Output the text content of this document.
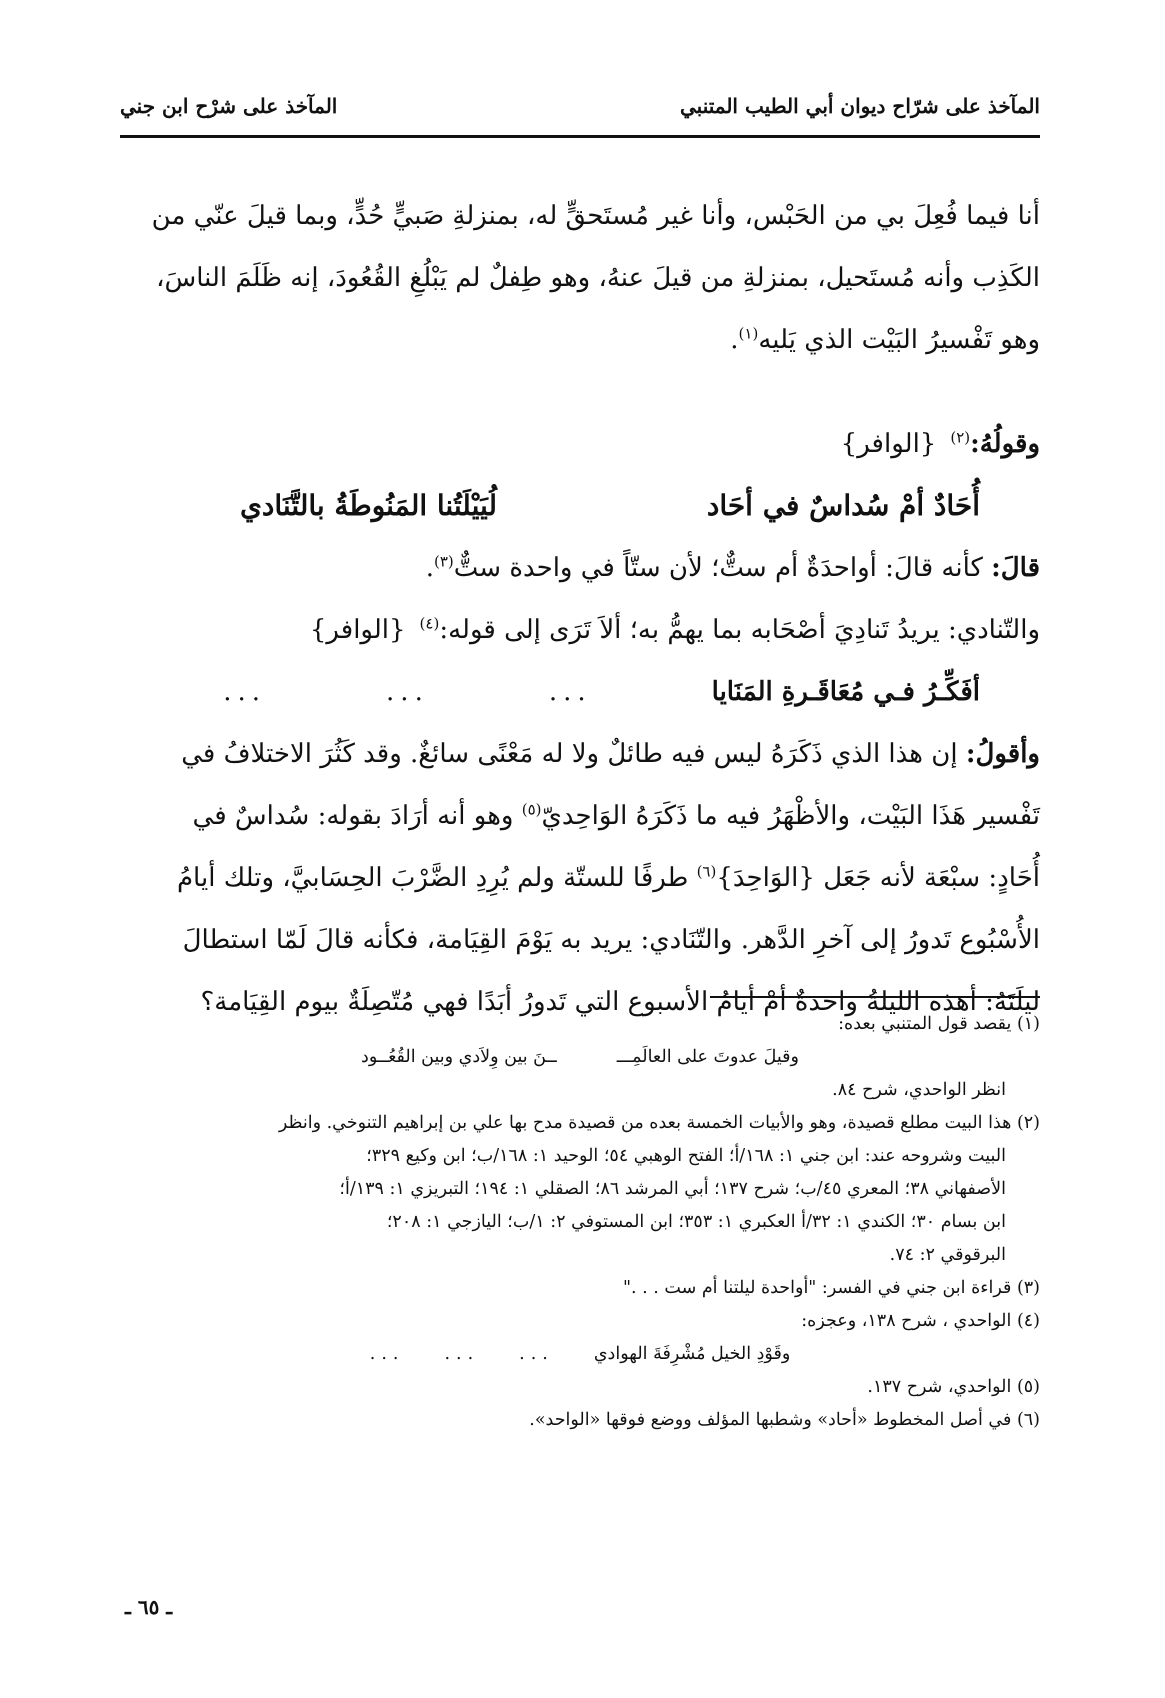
المآخذ على شرّاح ديوان أبي الطيب المتنبي
المآخذ على شرْح ابن جني

أنا فيما فُعِلَ بي من الحَبْس، وأنا غير مُستَحقٍّ له، بمنزلةِ صَبيٍّ حُدٍّ، وبما قيلَ عنّي من

الكَذِب وأنه مُستَحيل، بمنزلةِ من قيلَ عنهُ، وهو طِفلٌ لم يَبْلُغِ القُعُودَ، إنه ظَلَمَ الناسَ،

وهو تَفْسيرُ البَيْت الذي يَليه$^{(١)}$.

وقولُهُ:$^{(٢)}${الوافر}

أُحَادٌ أمْ سُداسٌ في أحَاد
لُيَيْلَتُنا المَنُوطَةُ بالتَّنَادي

قالَ: كأنه قالَ: أواحدَةٌ أم ستٌّ؛ لأن ستّاً في واحدة ستٌّ$^{(٣)}$.

والتّنادي: يريدُ تَنادِيَ أصْحَابه بما يهمُّ به؛ ألاَ تَرَى إلى قوله:$^{(٤)}${الوافر}

أفَكِّـرُ فـي مُعَاقَـرةِ المَنَايا
...
...
...

وأقولُ: إن هذا الذي ذَكَرَهُ ليس فيه طائلٌ ولا له مَعْنًى سائغٌ. وقد كَثُرَ الاختلافُ في

تَفْسير هَذَا البَيْت، والأظْهَرُ فيه ما ذَكَرَهُ الوَاحِديّ$^{(٥)}$ وهو أنه أرَادَ بقوله: سُداسٌ في

أُحَادٍ: سبْعَة لأنه جَعَل {الوَاحِدَ}$^{(٦)}$ طرفًا للستّة ولم يُرِدِ الضَّرْبَ الحِسَابيَّ، وتلك أيامُ

الأُسْبُوع تَدورُ إلى آخرِ الدَّهر. والتّنَادي: يريد به يَوْمَ القِيَامة، فكأنه قالَ لَمّا استطالَ

ليلَتَهُ: أهذه الليلةُ واحدةٌ أمْ أيامُ الأسبوع التي تَدورُ أبَدًا فهي مُتّصِلَةٌ بيوم القِيَامة؟

(١) يقصد قول المتنبي بعده:

وقيلَ عدوتَ على العالَمِـــ
ــنَ بين وِلاَدي وبين القُعُــود

انظر الواحدي، شرح ٨٤.

(٢) هذا البيت مطلع قصيدة، وهو والأبيات الخمسة بعده من قصيدة مدح بها علي بن إبراهيم التنوخي. وانظر

البيت وشروحه عند: ابن جني ١: ١٦٨/أ؛ الفتح الوهبي ٥٤؛ الوحيد ١: ١٦٨/ب؛ ابن وكيع ٣٢٩؛

الأصفهاني ٣٨؛ المعري ٤٥/ب؛ شرح ١٣٧؛ أبي المرشد ٨٦؛ الصقلي ١: ١٩٤؛ التبريزي ١: ١٣٩/أ؛

ابن بسام ٣٠؛ الكندي ١: ٣٢/أ العكبري ١: ٣٥٣؛ ابن المستوفي ٢: ١/ب؛ اليازجي ١: ٢٠٨؛

البرقوقي ٢: ٧٤.

(٣) قراءة ابن جني في الفسر: "أواحدة ليلتنا أم ست . . ."

(٤) الواحدي ، شرح ١٣٨، وعجزه:

وقَوْدِ الخيل مُشْرِفَةَ الهوادي
...
...
...

(٥) الواحدي، شرح ١٣٧.

(٦) في أصل المخطوط «أحاد» وشطبها المؤلف ووضع فوقها «الواحد».

ـ ٦٥ ـ
